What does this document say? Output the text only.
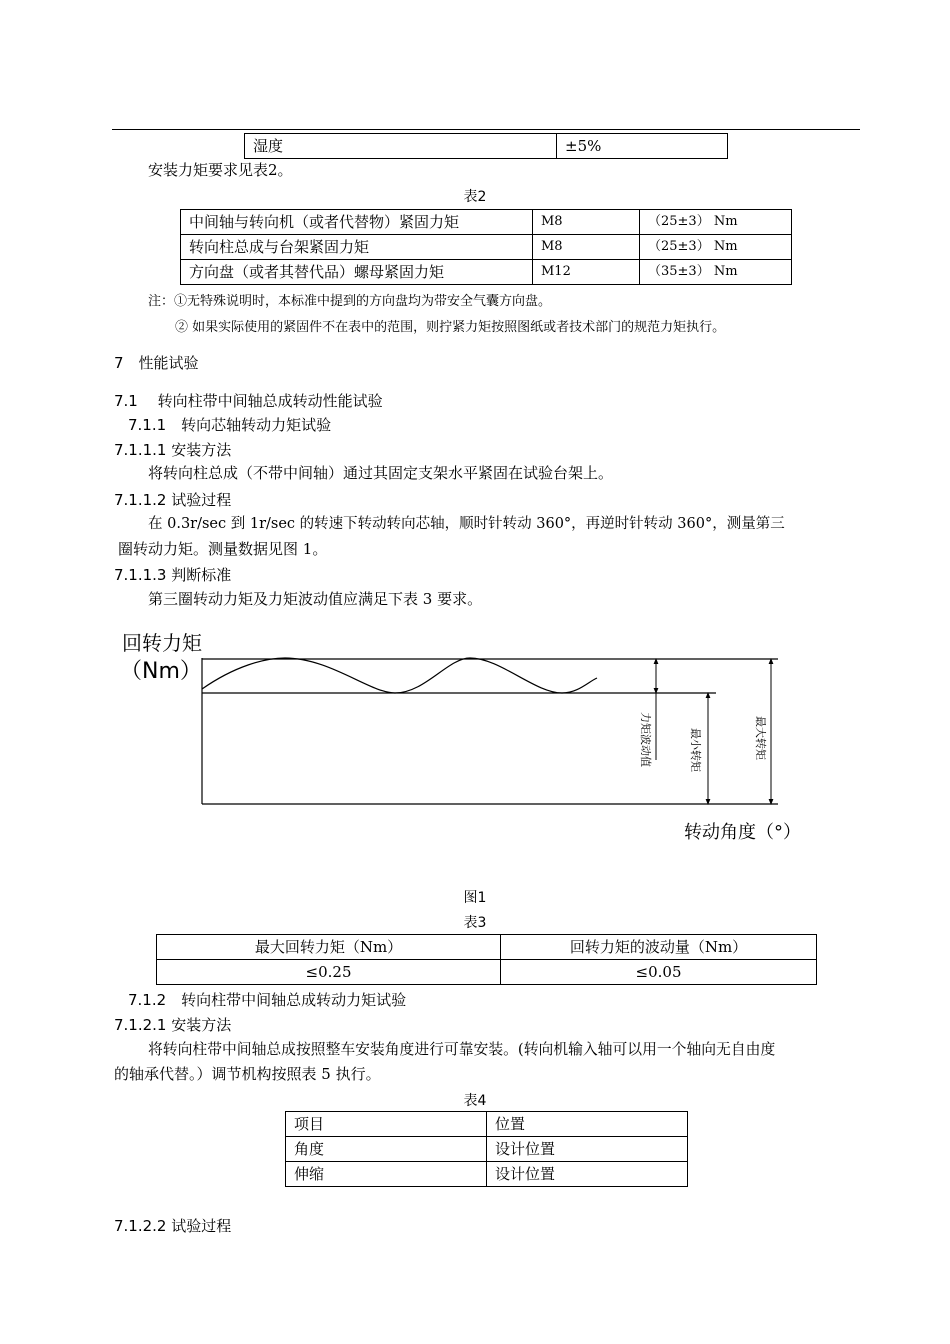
湿度	±5%
安装力矩要求见表2。
表2
中间轴与转向机（或者代替物）紧固力矩	M8	（25±3） Nm
转向柱总成与台架紧固力矩	M8	（25±3） Nm
方向盘（或者其替代品）螺母紧固力矩	M12	（35±3） Nm
注：①无特殊说明时，本标准中提到的方向盘均为带安全气囊方向盘。
② 如果实际使用的紧固件不在表中的范围，则拧紧力矩按照图纸或者技术部门的规范力矩执行。
7　性能试验
7.1　 转向柱带中间轴总成转动性能试验
7.1.1　转向芯轴转动力矩试验
7.1.1.1 安装方法
将转向柱总成（不带中间轴）通过其固定支架水平紧固在试验台架上。
7.1.1.2 试验过程
在 0.3r/sec 到 1r/sec 的转速下转动转向芯轴，顺时针转动 360°，再逆时针转动 360°，测量第三
圈转动力矩。测量数据见图 1。
7.1.1.3 判断标准
第三圈转动力矩及力矩波动值应满足下表 3 要求。
回转力矩
（Nm）
力矩波动值	最小转矩	最大转矩
转动角度（°）
图1
表3
最大回转力矩（Nm）	回转力矩的波动量（Nm）
≤0.25	≤0.05
7.1.2　转向柱带中间轴总成转动力矩试验
7.1.2.1 安装方法
将转向柱带中间轴总成按照整车安装角度进行可靠安装。(转向机输入轴可以用一个轴向无自由度
的轴承代替。）调节机构按照表 5 执行。
表4
项目	位置
角度	设计位置
伸缩	设计位置
7.1.2.2 试验过程
